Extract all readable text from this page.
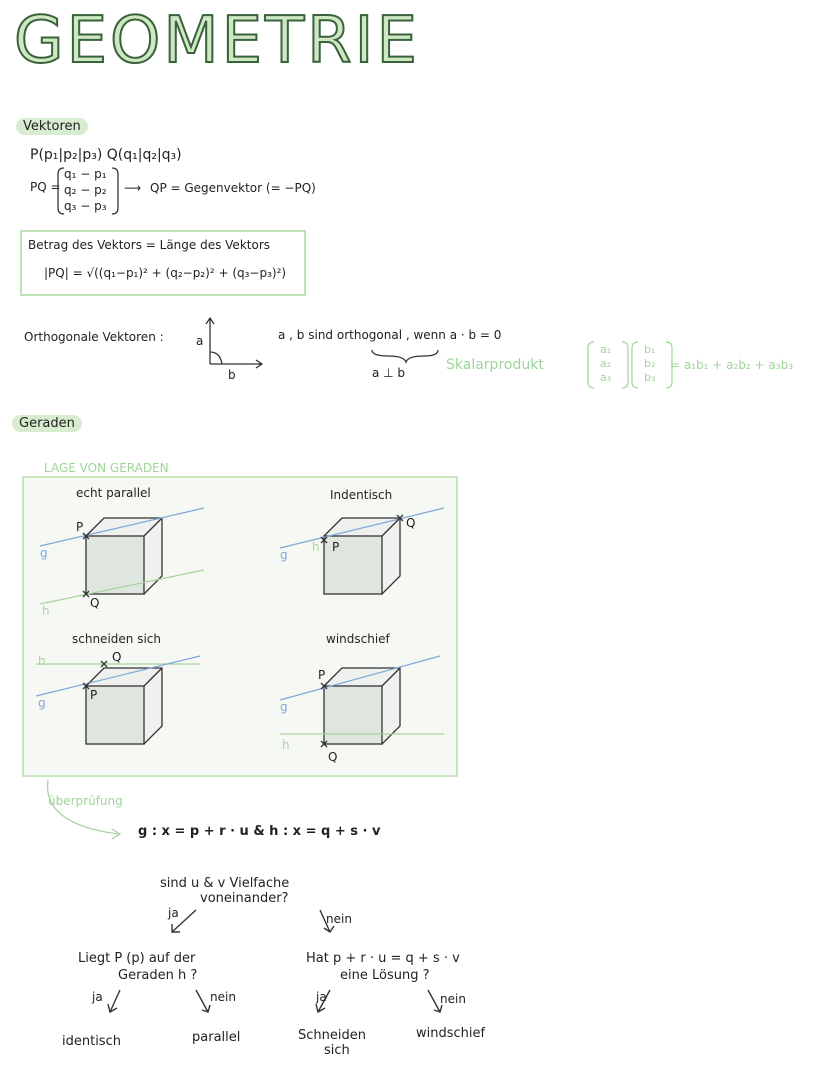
GEOMETRIE
Vektoren
P(p₁|p₂|p₃) Q(q₁|q₂|q₃)
PQ =
q₁ − p₁
q₂ − p₂
q₃ − p₃
⟶ QP = Gegenvektor (= −PQ)
Betrag des Vektors = Länge des Vektors
|PQ| = √((q₁−p₁)² + (q₂−p₂)² + (q₃−p₃)²)
Orthogonale Vektoren :	a
b
a , b sind orthogonal , wenn a · b = 0
a ⊥ b	Skalarprodukt
a₁
a₂
a₃
·
b₁
b₂
b₃
= a₁b₁ + a₂b₂ + a₃b₃
Geraden
LAGE VON GERADEN
echt parallel	Indentisch
schneiden sich	windschief
P
Q
g
h
P
Q
g
h
P
Q
h
g
P
Q
g
h
überprüfung
g : x = p + r · u & h : x = q + s · v
sind u & v Vielfache
voneinander?
ja	nein
Liegt P (p) auf der
Geraden h ?
Hat p + r · u = q + s · v
eine Lösung ?
ja	nein	ja	nein
identisch	parallel	Schneiden
sich
windschief
